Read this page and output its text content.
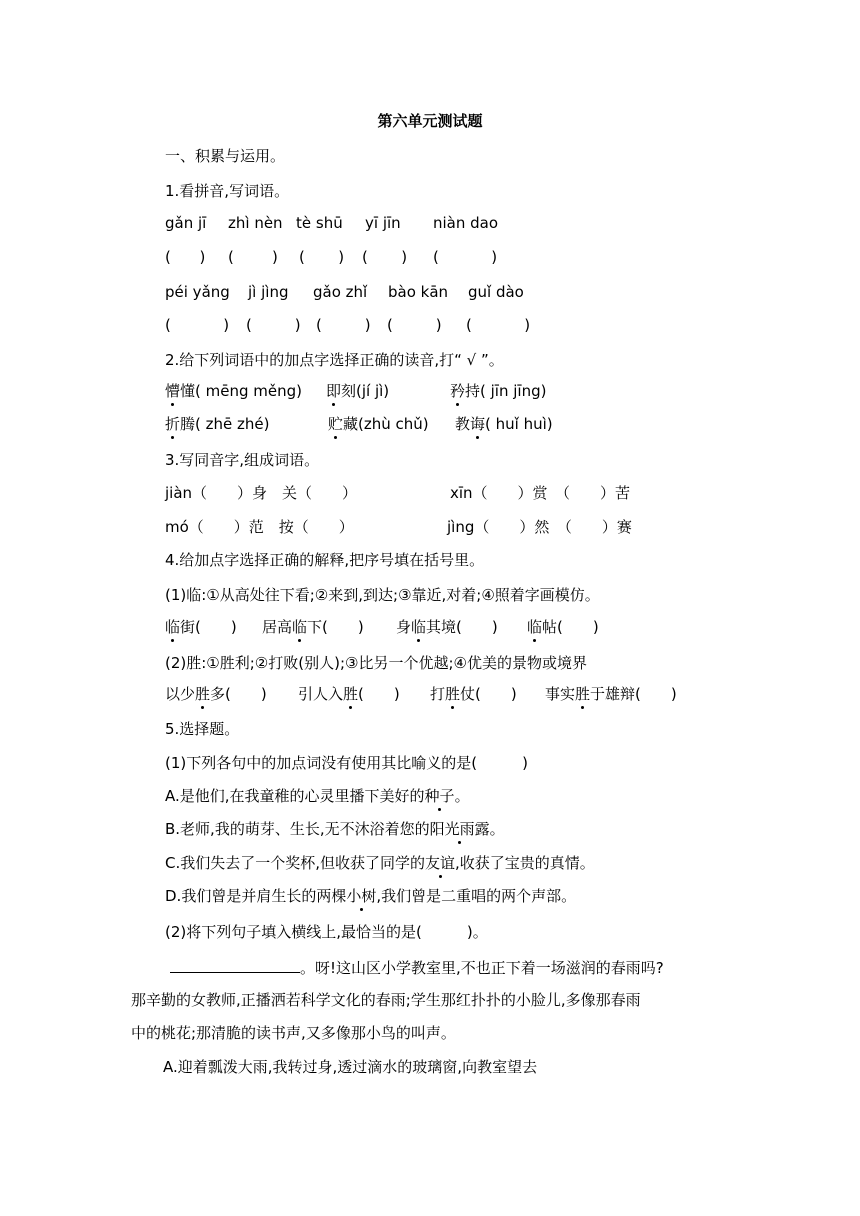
第六单元测试题
一、积累与运用。
1.看拼音,写词语。
gǎn jī zhì nèn tè shū yī jīn niàn dao
(      ) (        ) (       ) (       ) (           )
péi yǎng jì jìng gǎo zhǐ bào kān guǐ dào
(           ) (         ) (         ) (         ) (           )
2.给下列词语中的加点字选择正确的读音,打“ √ ”。
懵懂( mēng měng) 即刻(jí jì)	矜持( jīn jīng)
折腾( zhē zhé)	贮藏(zhù chǔ) 教诲( huǐ huì)
3.写同音字,组成词语。
jiàn（　　）身　关（　　）	xīn（　　）赏　（　　）苦
mó（　　）范　按（　　）	jìng（　　）然　（　　）赛
4.给加点字选择正确的解释,把序号填在括号里。
(1)临:①从高处往下看;②来到,到达;③靠近,对着;④照着字画模仿。
临街(　　) 居高临下(　　) 身临其境(　　) 临帖(　　)
(2)胜:①胜利;②打败(别人);③比另一个优越;④优美的景物或境界
以少胜多(　　) 引人入胜(　　) 打胜仗(　　) 事实胜于雄辩(　　)
5.选择题。
(1)下列各句中的加点词没有使用其比喻义的是(　　　)
A.是他们,在我童稚的心灵里播下美好的种子。
B.老师,我的萌芽、生长,无不沐浴着您的阳光雨露。
C.我们失去了一个奖杯,但收获了同学的友谊,收获了宝贵的真情。
D.我们曾是并肩生长的两棵小树,我们曾是二重唱的两个声部。
(2)将下列句子填入横线上,最恰当的是(　　　)。
。呀!这山区小学教室里,不也正下着一场滋润的春雨吗?
那辛勤的女教师,正播洒若科学文化的春雨;学生那红扑扑的小脸儿,多像那春雨
中的桃花;那清脆的读书声,又多像那小鸟的叫声。
A.迎着瓢泼大雨,我转过身,透过滴水的玻璃窗,向教室望去
